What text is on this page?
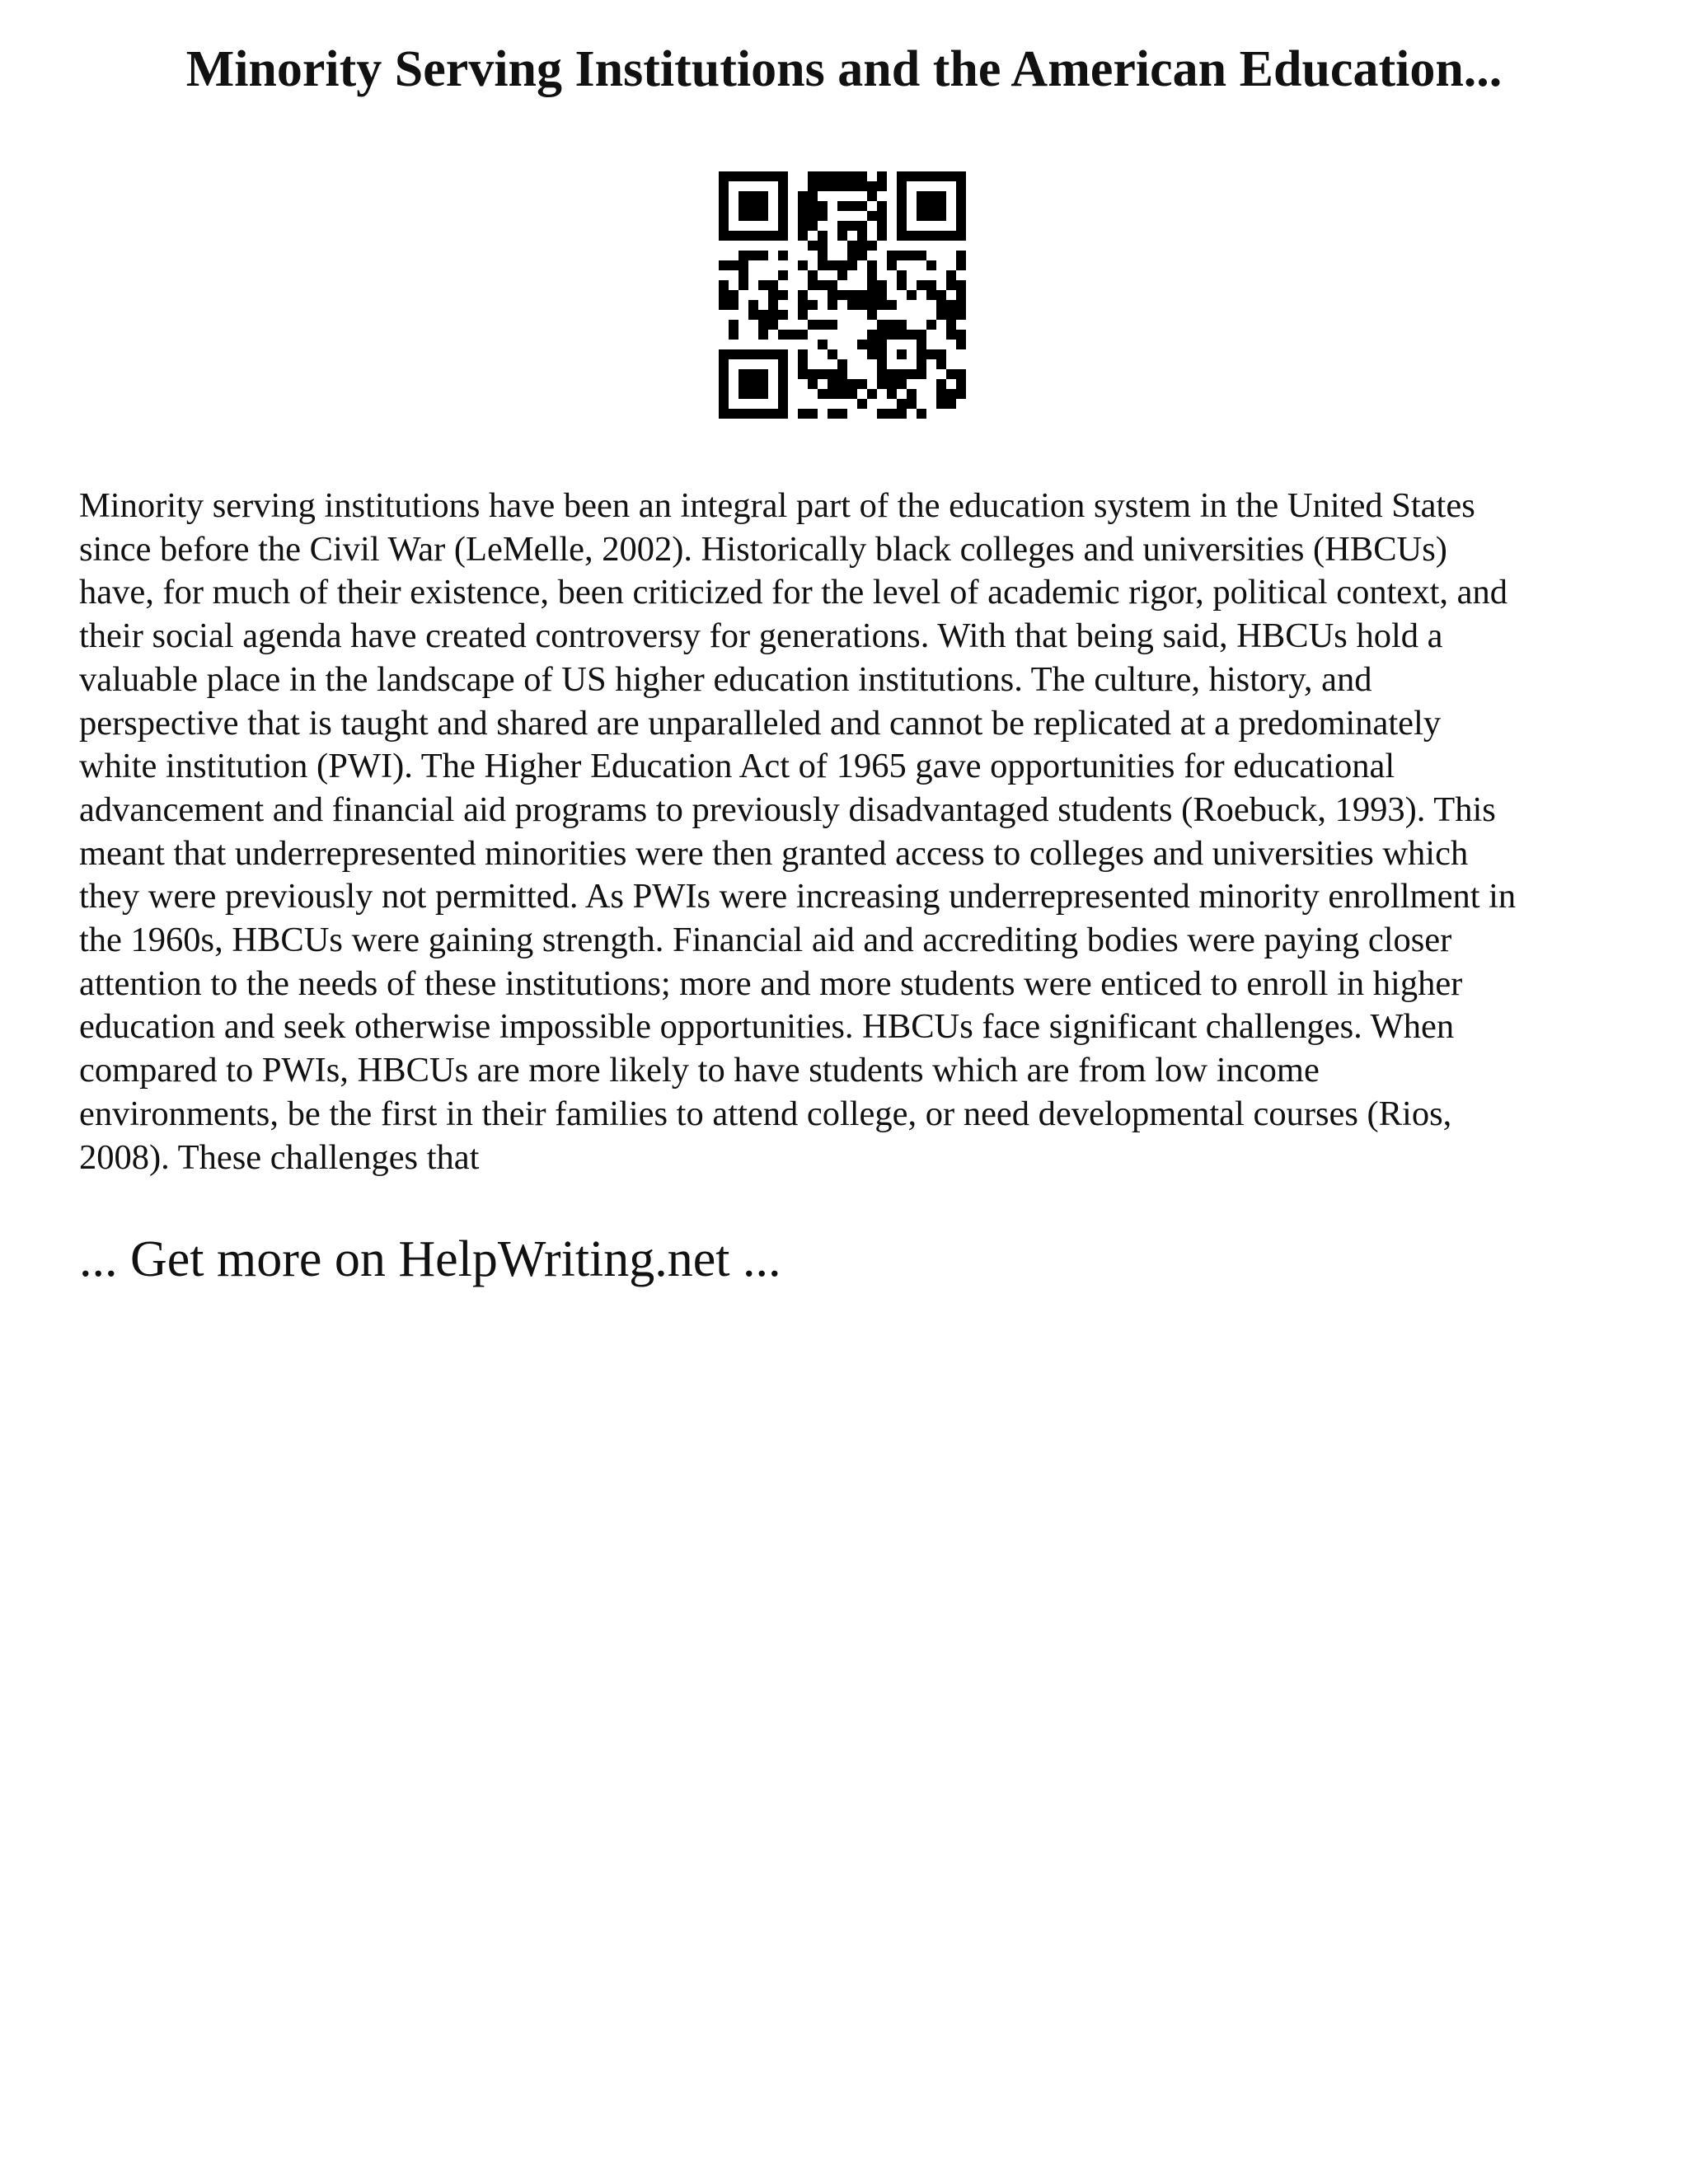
Minority Serving Institutions and the American Education...
Minority serving institutions have been an integral part of the education system in the United States
since before the Civil War (LeMelle, 2002). Historically black colleges and universities (HBCUs)
have, for much of their existence, been criticized for the level of academic rigor, political context, and
their social agenda have created controversy for generations. With that being said, HBCUs hold a
valuable place in the landscape of US higher education institutions. The culture, history, and
perspective that is taught and shared are unparalleled and cannot be replicated at a predominately
white institution (PWI). The Higher Education Act of 1965 gave opportunities for educational
advancement and financial aid programs to previously disadvantaged students (Roebuck, 1993). This
meant that underrepresented minorities were then granted access to colleges and universities which
they were previously not permitted. As PWIs were increasing underrepresented minority enrollment in
the 1960s, HBCUs were gaining strength. Financial aid and accrediting bodies were paying closer
attention to the needs of these institutions; more and more students were enticed to enroll in higher
education and seek otherwise impossible opportunities. HBCUs face significant challenges. When
compared to PWIs, HBCUs are more likely to have students which are from low income
environments, be the first in their families to attend college, or need developmental courses (Rios,
2008). These challenges that
... Get more on HelpWriting.net ...
